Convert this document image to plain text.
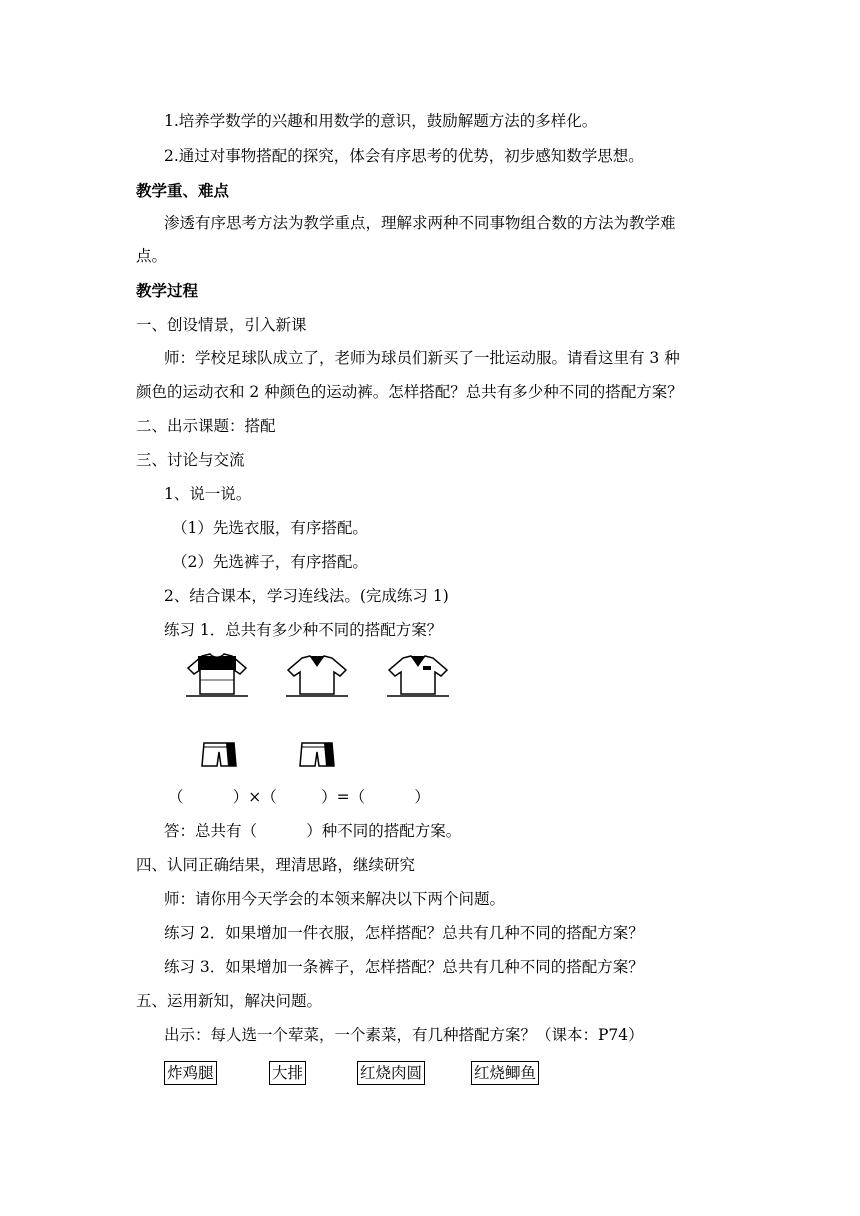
1.培养学数学的兴趣和用数学的意识，鼓励解题方法的多样化。
2.通过对事物搭配的探究，体会有序思考的优势，初步感知数学思想。
教学重、难点
渗透有序思考方法为教学重点，理解求两种不同事物组合数的方法为教学难
点。
教学过程
一、创设情景，引入新课
师：学校足球队成立了，老师为球员们新买了一批运动服。请看这里有 3 种
颜色的运动衣和 2 种颜色的运动裤。怎样搭配？总共有多少种不同的搭配方案？
二、出示课题：搭配
三、讨论与交流
1、说一说。
（1）先选衣服，有序搭配。
（2）先选裤子，有序搭配。
2、结合课本，学习连线法。(完成练习 1)
练习 1．总共有多少种不同的搭配方案？
（          ）×（         ）=（          ）
答：总共有（          ）种不同的搭配方案。
四、认同正确结果，理清思路，继续研究
师：请你用今天学会的本领来解决以下两个问题。
练习 2．如果增加一件衣服，怎样搭配？总共有几种不同的搭配方案？
练习 3．如果增加一条裤子，怎样搭配？总共有几种不同的搭配方案？
五、运用新知，解决问题。
出示：每人选一个荤菜，一个素菜，有几种搭配方案？（课本：P74）
炸鸡腿	大排	红烧肉圆	红烧鲫鱼
